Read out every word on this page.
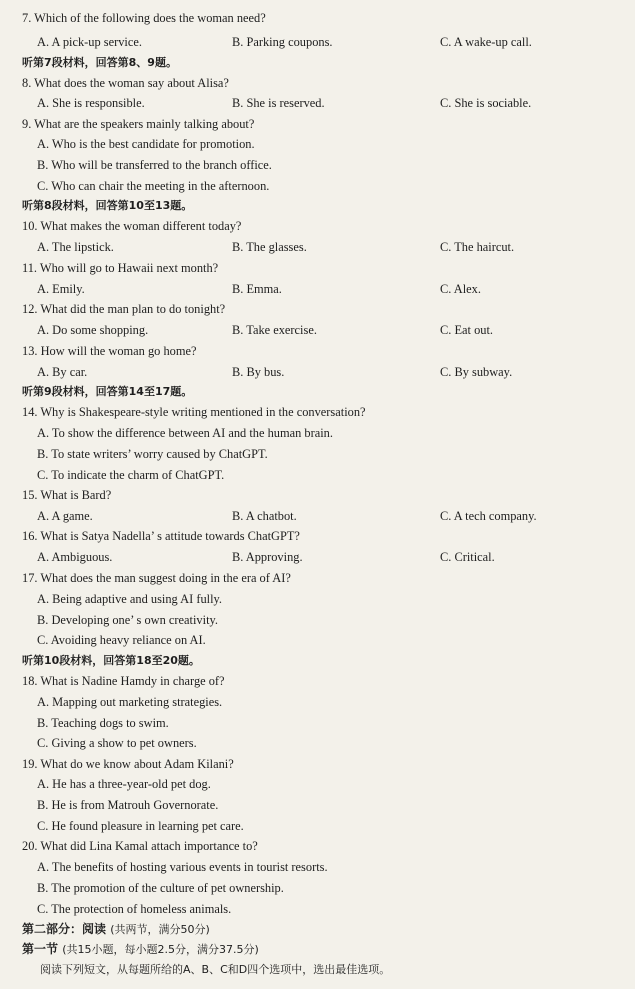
7. Which of the following does the woman need?
A. A pick-up service.	B. Parking coupons.	C. A wake-up call.
听第7段材料，回答第8、9题。
8. What does the woman say about Alisa?
A. She is responsible.	B. She is reserved.	C. She is sociable.
9. What are the speakers mainly talking about?
A. Who is the best candidate for promotion.
B. Who will be transferred to the branch office.
C. Who can chair the meeting in the afternoon.
听第8段材料，回答第10至13题。
10. What makes the woman different today?
A. The lipstick.	B. The glasses.	C. The haircut.
11. Who will go to Hawaii next month?
A. Emily.	B. Emma.	C. Alex.
12. What did the man plan to do tonight?
A. Do some shopping.	B. Take exercise.	C. Eat out.
13. How will the woman go home?
A. By car.	B. By bus.	C. By subway.
听第9段材料，回答第14至17题。
14. Why is Shakespeare-style writing mentioned in the conversation?
A. To show the difference between AI and the human brain.
B. To state writers’ worry caused by ChatGPT.
C. To indicate the charm of ChatGPT.
15. What is Bard?
A. A game.	B. A chatbot.	C. A tech company.
16. What is Satya Nadella’ s attitude towards ChatGPT?
A. Ambiguous.	B. Approving.	C. Critical.
17. What does the man suggest doing in the era of AI?
A. Being adaptive and using AI fully.
B. Developing one’ s own creativity.
C. Avoiding heavy reliance on AI.
听第10段材料，回答第18至20题。
18. What is Nadine Hamdy in charge of?
A. Mapping out marketing strategies.
B. Teaching dogs to swim.
C. Giving a show to pet owners.
19. What do we know about Adam Kilani?
A. He has a three-year-old pet dog.
B. He is from Matrouh Governorate.
C. He found pleasure in learning pet care.
20. What did Lina Kamal attach importance to?
A. The benefits of hosting various events in tourist resorts.
B. The promotion of the culture of pet ownership.
C. The protection of homeless animals.
第二部分：阅读 (共两节，满分50分)
第一节 (共15小题，每小题2.5分，满分37.5分)
阅读下列短文，从每题所给的A、B、C和D四个选项中，选出最佳选项。
